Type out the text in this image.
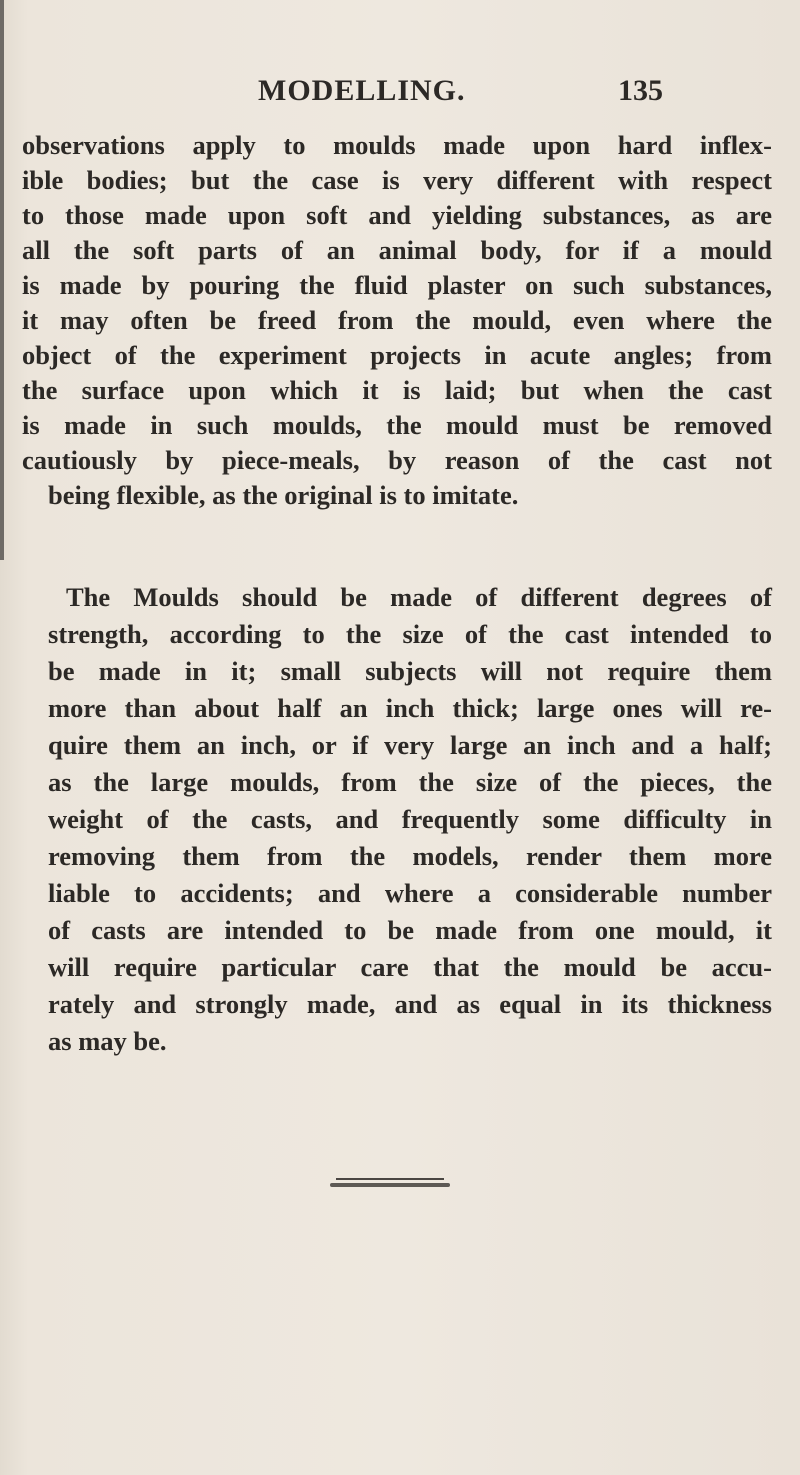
MODELLING.	135
observations apply to moulds made upon hard inflex-
ible bodies; but the case is very different with respect
to those made upon soft and yielding substances, as are
all the soft parts of an animal body, for if a mould
is made by pouring the fluid plaster on such substances,
it may often be freed from the mould, even where the
object of the experiment projects in acute angles; from
the surface upon which it is laid; but when the cast
is made in such moulds, the mould must be removed
cautiously by piece-meals, by reason of the cast not
being flexible, as the original is to imitate.
The Moulds should be made of different degrees of
strength, according to the size of the cast intended to
be made in it; small subjects will not require them
more than about half an inch thick; large ones will re-
quire them an inch, or if very large an inch and a half;
as the large moulds, from the size of the pieces, the
weight of the casts, and frequently some difficulty in
removing them from the models, render them more
liable to accidents; and where a considerable number
of casts are intended to be made from one mould, it
will require particular care that the mould be accu-
rately and strongly made, and as equal in its thickness
as may be.
